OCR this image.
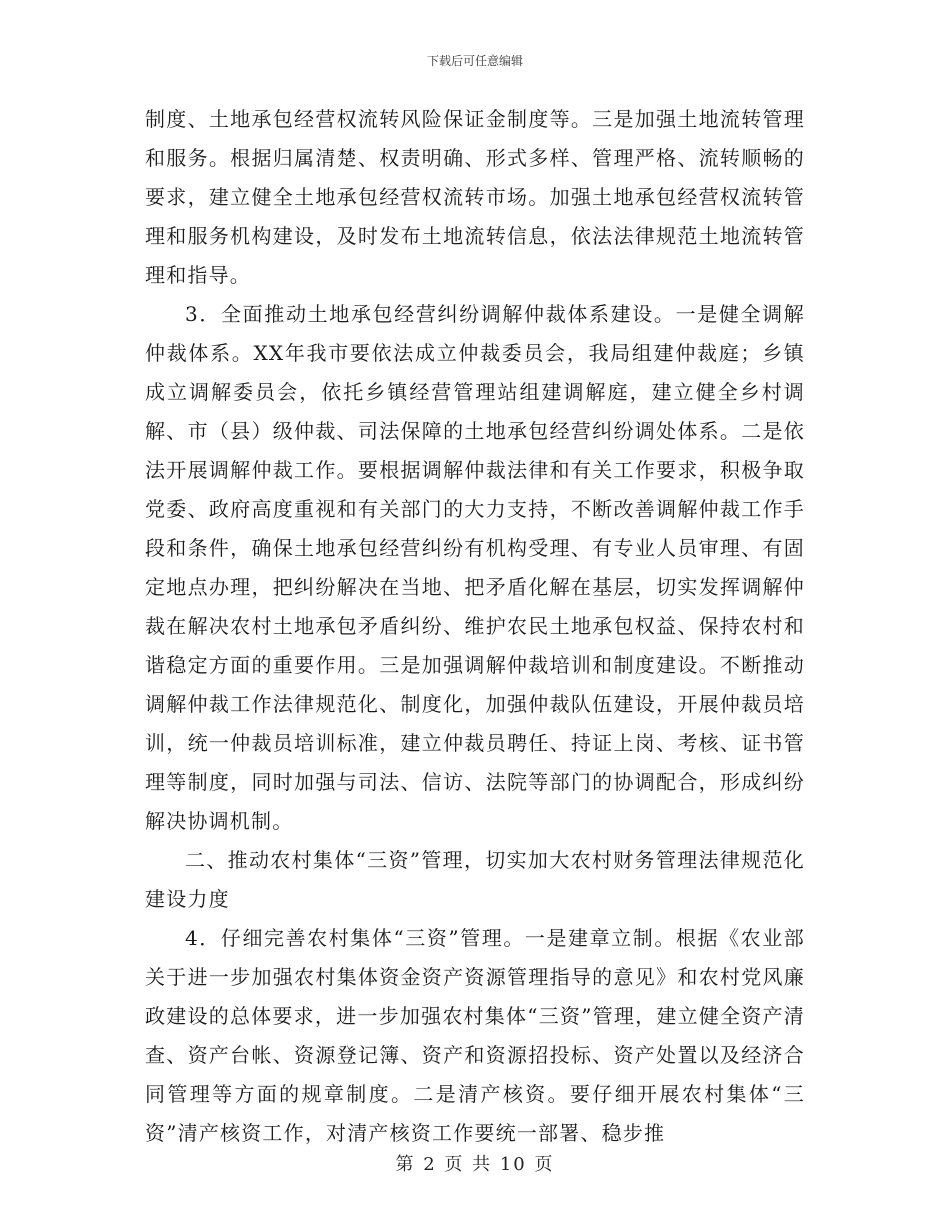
下载后可任意编辑

制度、土地承包经营权流转风险保证金制度等。三是加强土地流转管理和服务。根据归属清楚、权责明确、形式多样、管理严格、流转顺畅的要求，建立健全土地承包经营权流转市场。加强土地承包经营权流转管理和服务机构建设，及时发布土地流转信息，依法法律规范土地流转管理和指导。

3．全面推动土地承包经营纠纷调解仲裁体系建设。一是健全调解仲裁体系。XX年我市要依法成立仲裁委员会，我局组建仲裁庭；乡镇成立调解委员会，依托乡镇经营管理站组建调解庭，建立健全乡村调解、市（县）级仲裁、司法保障的土地承包经营纠纷调处体系。二是依法开展调解仲裁工作。要根据调解仲裁法律和有关工作要求，积极争取党委、政府高度重视和有关部门的大力支持，不断改善调解仲裁工作手段和条件，确保土地承包经营纠纷有机构受理、有专业人员审理、有固定地点办理，把纠纷解决在当地、把矛盾化解在基层，切实发挥调解仲裁在解决农村土地承包矛盾纠纷、维护农民土地承包权益、保持农村和谐稳定方面的重要作用。三是加强调解仲裁培训和制度建设。不断推动调解仲裁工作法律规范化、制度化，加强仲裁队伍建设，开展仲裁员培训，统一仲裁员培训标准，建立仲裁员聘任、持证上岗、考核、证书管理等制度，同时加强与司法、信访、法院等部门的协调配合，形成纠纷解决协调机制。

二、推动农村集体“三资”管理，切实加大农村财务管理法律规范化建设力度

4．仔细完善农村集体“三资”管理。一是建章立制。根据《农业部关于进一步加强农村集体资金资产资源管理指导的意见》和农村党风廉政建设的总体要求，进一步加强农村集体“三资”管理，建立健全资产清查、资产台帐、资源登记簿、资产和资源招投标、资产处置以及经济合同管理等方面的规章制度。二是清产核资。要仔细开展农村集体“三资”清产核资工作，对清产核资工作要统一部署、稳步推

第 2 页 共 10 页
